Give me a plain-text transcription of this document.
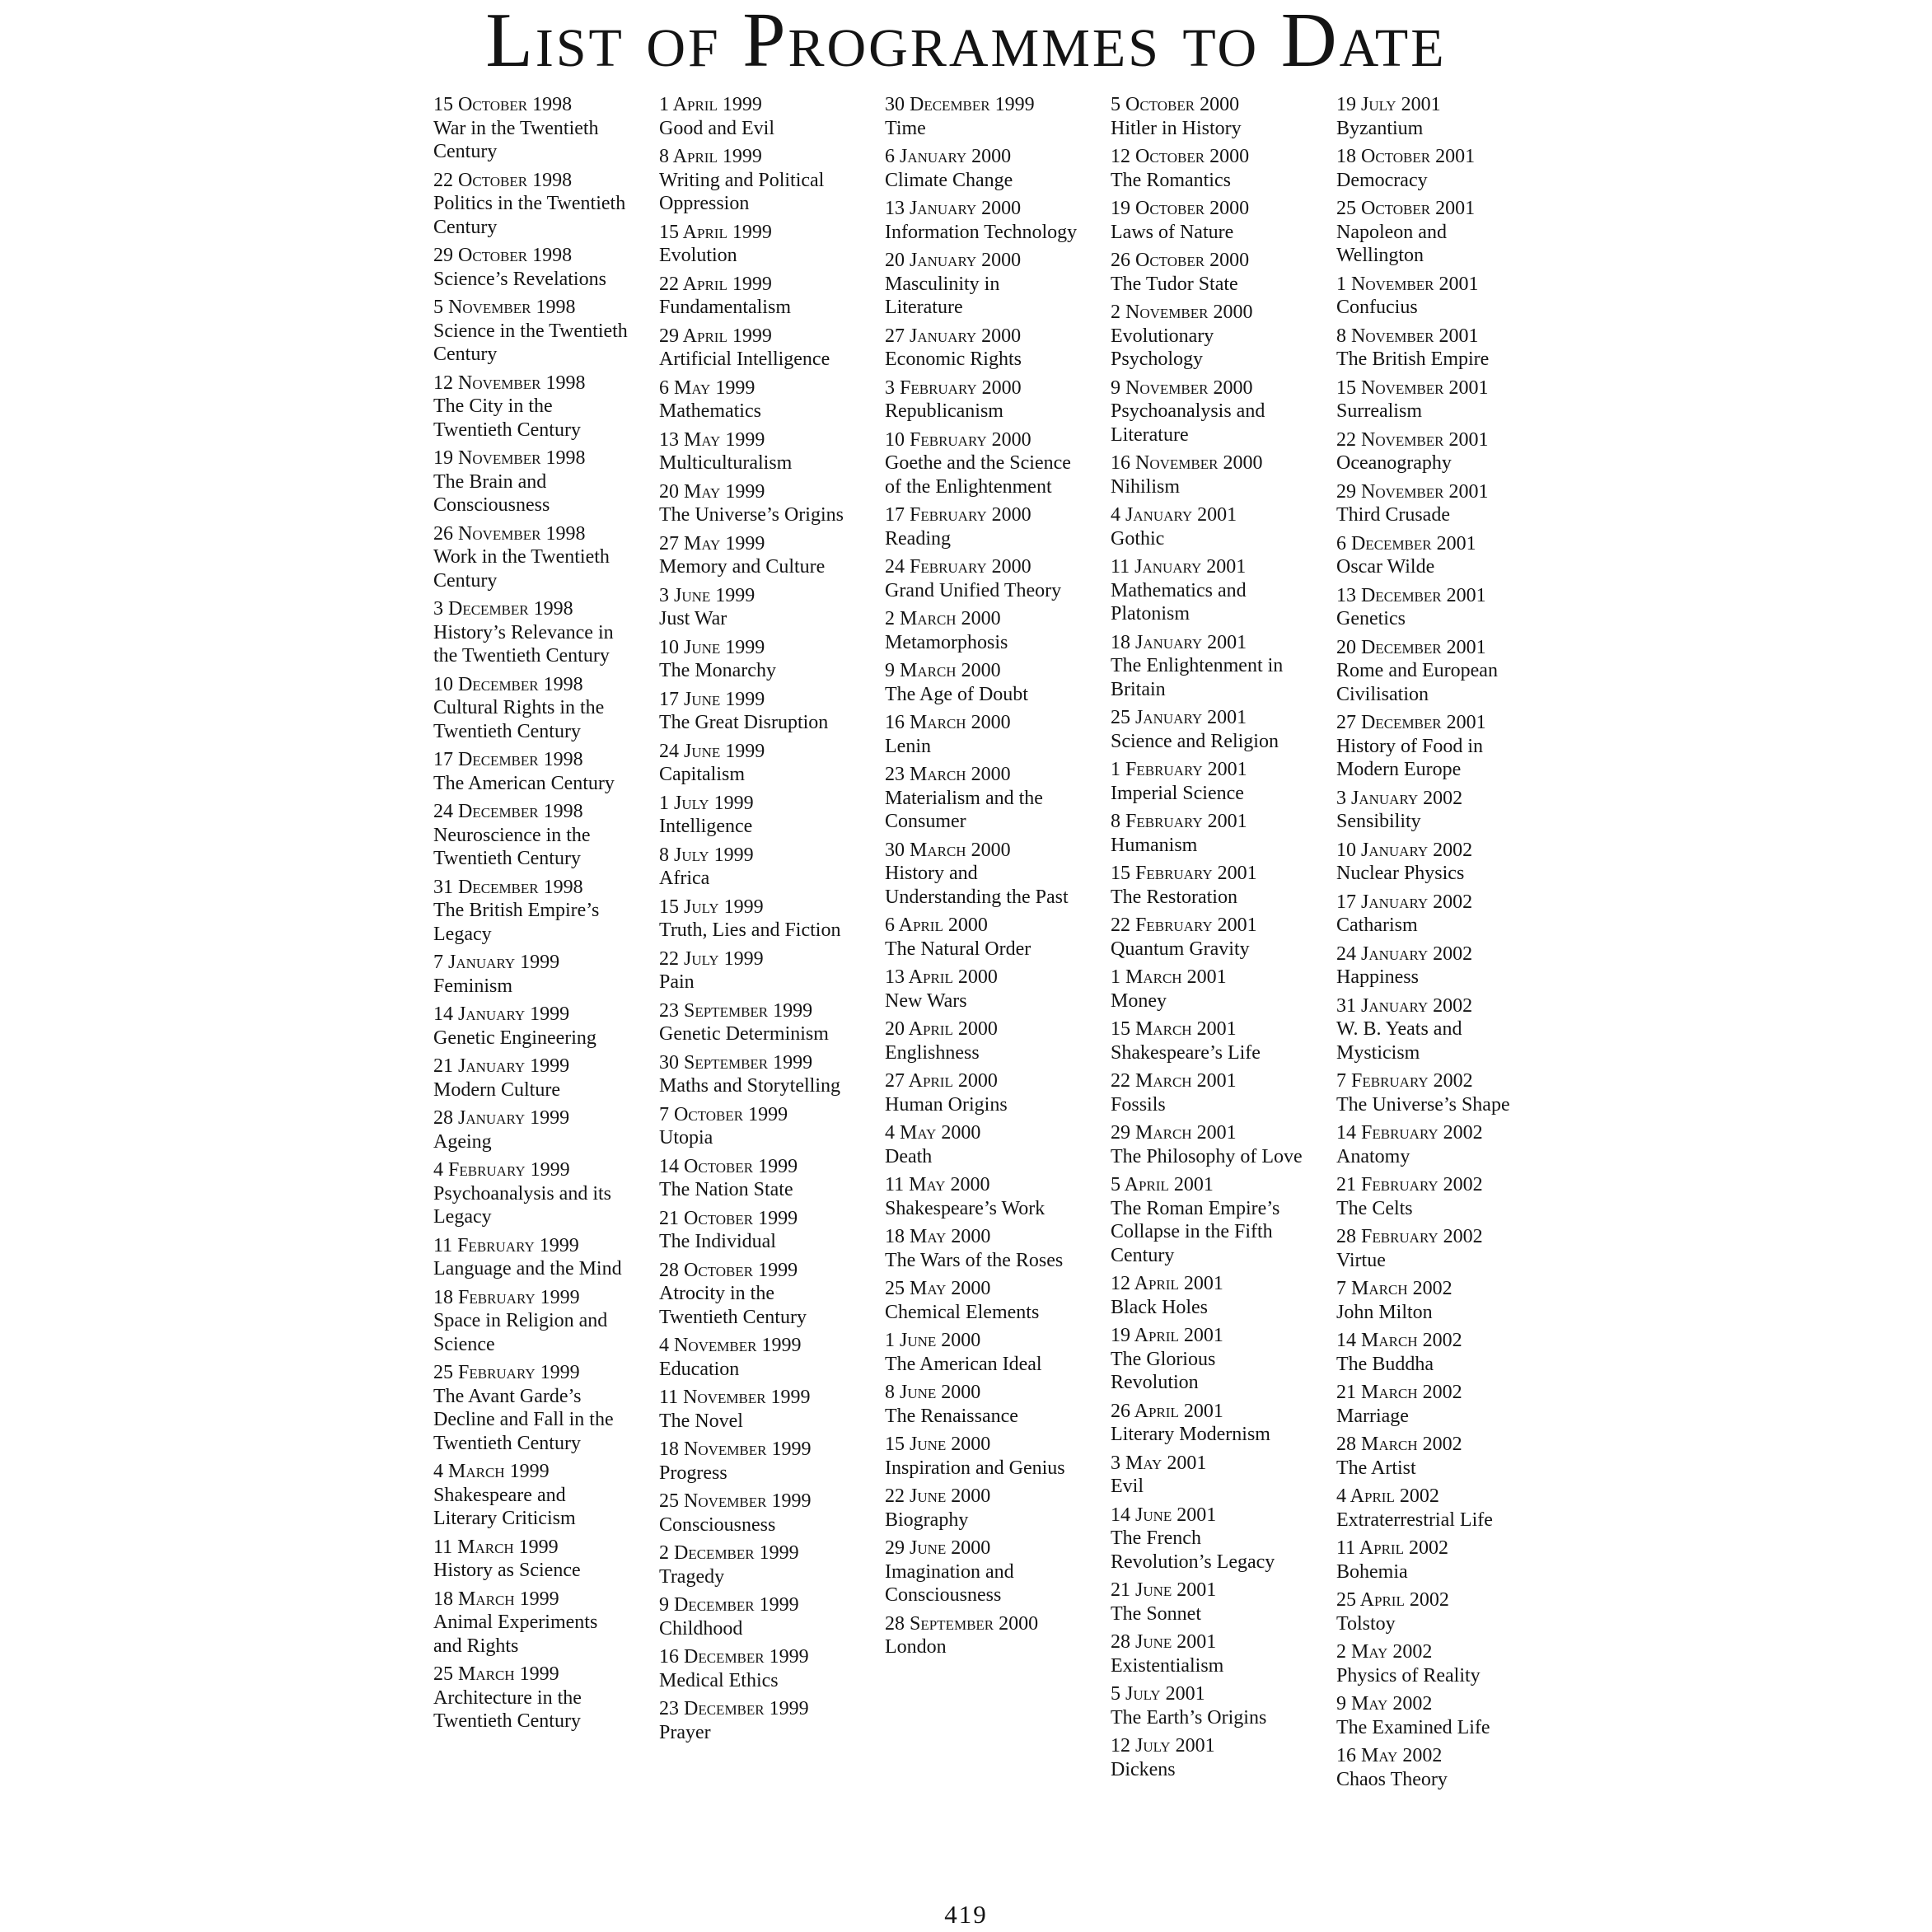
List of Programmes to Date
15 October 1998
War in the Twentieth Century
22 October 1998
Politics in the Twentieth Century
29 October 1998
Science’s Revelations
5 November 1998
Science in the Twentieth Century
12 November 1998
The City in the Twentieth Century
19 November 1998
The Brain and Consciousness
26 November 1998
Work in the Twentieth Century
3 December 1998
History’s Relevance in the Twentieth Century
10 December 1998
Cultural Rights in the Twentieth Century
17 December 1998
The American Century
24 December 1998
Neuroscience in the Twentieth Century
31 December 1998
The British Empire’s Legacy
7 January 1999
Feminism
14 January 1999
Genetic Engineering
21 January 1999
Modern Culture
28 January 1999
Ageing
4 February 1999
Psychoanalysis and its Legacy
11 February 1999
Language and the Mind
18 February 1999
Space in Religion and Science
25 February 1999
The Avant Garde’s Decline and Fall in the Twentieth Century
4 March 1999
Shakespeare and Literary Criticism
11 March 1999
History as Science
18 March 1999
Animal Experiments and Rights
25 March 1999
Architecture in the Twentieth Century
1 April 1999
Good and Evil
8 April 1999
Writing and Political Oppression
15 April 1999
Evolution
22 April 1999
Fundamentalism
29 April 1999
Artificial Intelligence
6 May 1999
Mathematics
13 May 1999
Multiculturalism
20 May 1999
The Universe’s Origins
27 May 1999
Memory and Culture
3 June 1999
Just War
10 June 1999
The Monarchy
17 June 1999
The Great Disruption
24 June 1999
Capitalism
1 July 1999
Intelligence
8 July 1999
Africa
15 July 1999
Truth, Lies and Fiction
22 July 1999
Pain
23 September 1999
Genetic Determinism
30 September 1999
Maths and Storytelling
7 October 1999
Utopia
14 October 1999
The Nation State
21 October 1999
The Individual
28 October 1999
Atrocity in the Twentieth Century
4 November 1999
Education
11 November 1999
The Novel
18 November 1999
Progress
25 November 1999
Consciousness
2 December 1999
Tragedy
9 December 1999
Childhood
16 December 1999
Medical Ethics
23 December 1999
Prayer
30 December 1999
Time
6 January 2000
Climate Change
13 January 2000
Information Technology
20 January 2000
Masculinity in Literature
27 January 2000
Economic Rights
3 February 2000
Republicanism
10 February 2000
Goethe and the Science of the Enlightenment
17 February 2000
Reading
24 February 2000
Grand Unified Theory
2 March 2000
Metamorphosis
9 March 2000
The Age of Doubt
16 March 2000
Lenin
23 March 2000
Materialism and the Consumer
30 March 2000
History and Understanding the Past
6 April 2000
The Natural Order
13 April 2000
New Wars
20 April 2000
Englishness
27 April 2000
Human Origins
4 May 2000
Death
11 May 2000
Shakespeare’s Work
18 May 2000
The Wars of the Roses
25 May 2000
Chemical Elements
1 June 2000
The American Ideal
8 June 2000
The Renaissance
15 June 2000
Inspiration and Genius
22 June 2000
Biography
29 June 2000
Imagination and Consciousness
28 September 2000
London
5 October 2000
Hitler in History
12 October 2000
The Romantics
19 October 2000
Laws of Nature
26 October 2000
The Tudor State
2 November 2000
Evolutionary Psychology
9 November 2000
Psychoanalysis and Literature
16 November 2000
Nihilism
4 January 2001
Gothic
11 January 2001
Mathematics and Platonism
18 January 2001
The Enlightenment in Britain
25 January 2001
Science and Religion
1 February 2001
Imperial Science
8 February 2001
Humanism
15 February 2001
The Restoration
22 February 2001
Quantum Gravity
1 March 2001
Money
15 March 2001
Shakespeare’s Life
22 March 2001
Fossils
29 March 2001
The Philosophy of Love
5 April 2001
The Roman Empire’s Collapse in the Fifth Century
12 April 2001
Black Holes
19 April 2001
The Glorious Revolution
26 April 2001
Literary Modernism
3 May 2001
Evil
14 June 2001
The French Revolution’s Legacy
21 June 2001
The Sonnet
28 June 2001
Existentialism
5 July 2001
The Earth’s Origins
12 July 2001
Dickens
19 July 2001
Byzantium
18 October 2001
Democracy
25 October 2001
Napoleon and Wellington
1 November 2001
Confucius
8 November 2001
The British Empire
15 November 2001
Surrealism
22 November 2001
Oceanography
29 November 2001
Third Crusade
6 December 2001
Oscar Wilde
13 December 2001
Genetics
20 December 2001
Rome and European Civilisation
27 December 2001
History of Food in Modern Europe
3 January 2002
Sensibility
10 January 2002
Nuclear Physics
17 January 2002
Catharism
24 January 2002
Happiness
31 January 2002
W. B. Yeats and Mysticism
7 February 2002
The Universe’s Shape
14 February 2002
Anatomy
21 February 2002
The Celts
28 February 2002
Virtue
7 March 2002
John Milton
14 March 2002
The Buddha
21 March 2002
Marriage
28 March 2002
The Artist
4 April 2002
Extraterrestrial Life
11 April 2002
Bohemia
25 April 2002
Tolstoy
2 May 2002
Physics of Reality
9 May 2002
The Examined Life
16 May 2002
Chaos Theory
419
